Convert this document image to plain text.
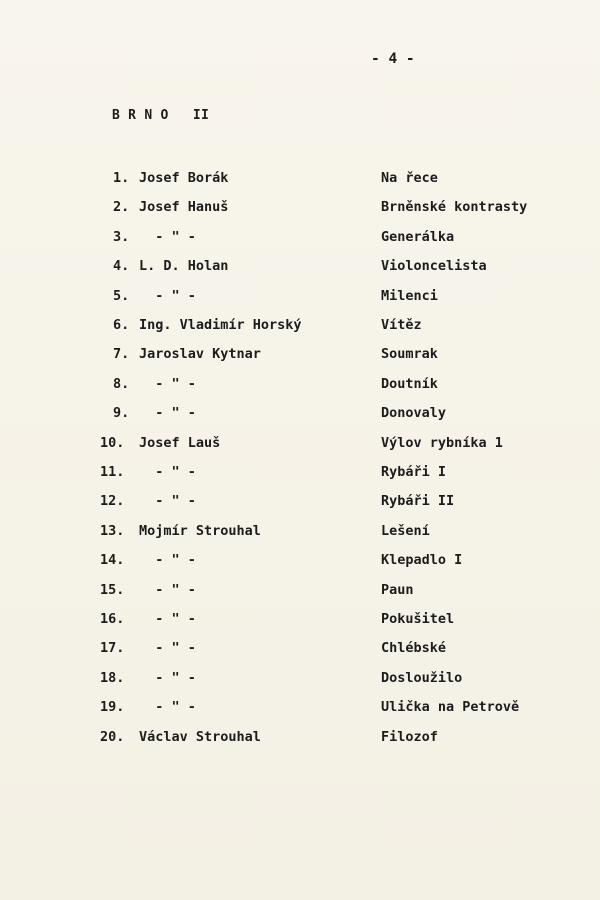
- 4 -
B R N O   II
1. Josef Borák	Na řece
2. Josef Hanuš	Brněnské kontrasty
3. - " -	Generálka
4. L. D. Holan	Violoncelista
5. - " -	Milenci
6. Ing. Vladimír Horský	Vítěz
7. Jaroslav Kytnar	Soumrak
8. - " -	Doutník
9. - " -	Donovaly
10. Josef Lauš	Výlov rybníka 1
11. - " -	Rybáři I
12. - " -	Rybáři II
13. Mojmír Strouhal	Lešení
14. - " -	Klepadlo I
15. - " -	Paun
16. - " -	Pokušitel
17. - " -	Chlébské
18. - " -	Dosloužilo
19. - " -	Ulička na Petrově
20. Václav Strouhal	Filozof
